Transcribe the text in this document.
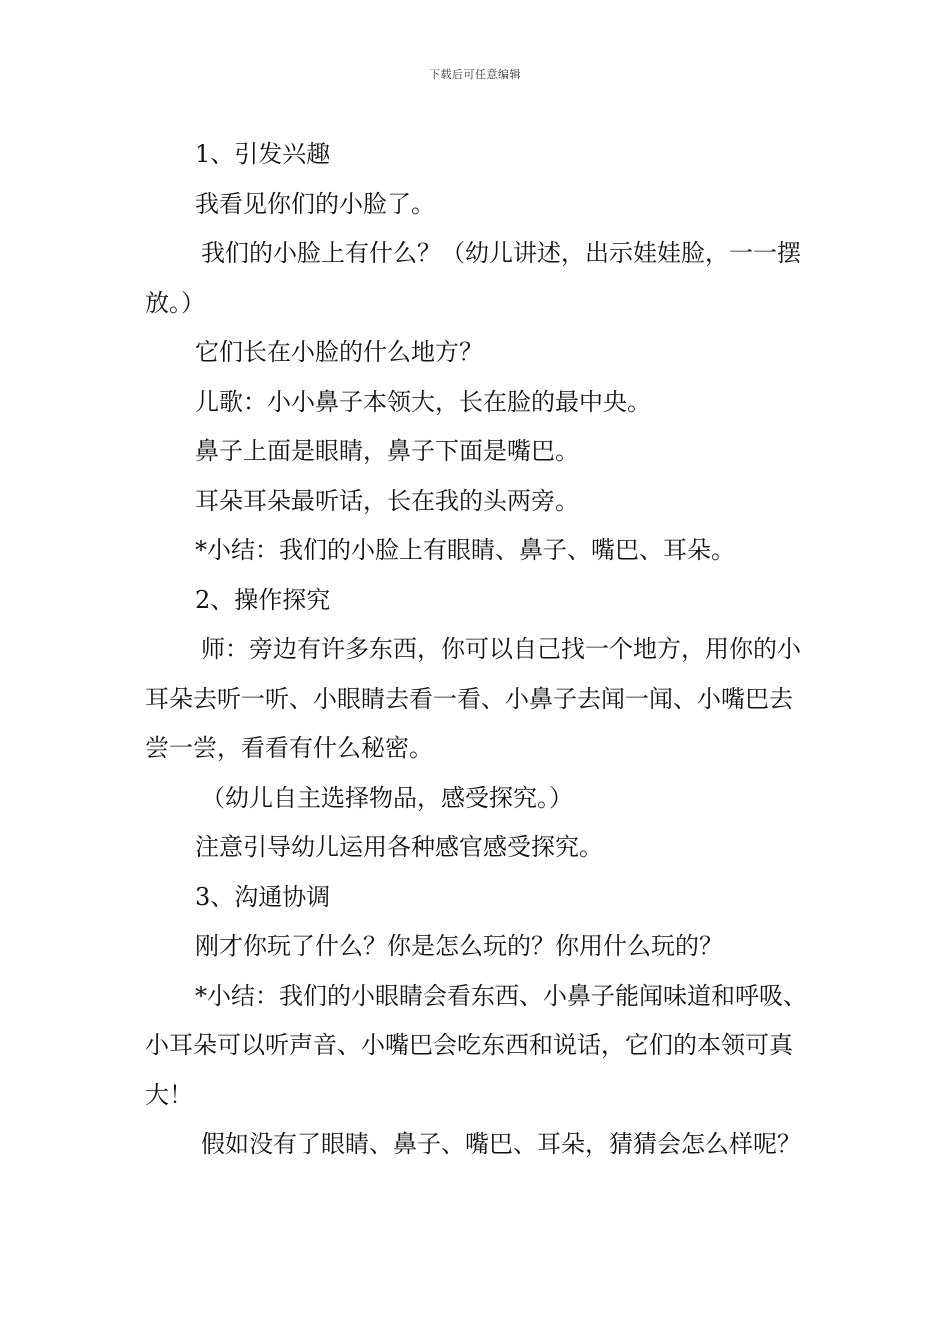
下载后可任意编辑

1、引发兴趣

我看见你们的小脸了。

我们的小脸上有什么？（幼儿讲述，出示娃娃脸，一一摆放。）

它们长在小脸的什么地方？

儿歌：小小鼻子本领大，长在脸的最中央。

鼻子上面是眼睛，鼻子下面是嘴巴。

耳朵耳朵最听话，长在我的头两旁。

*小结：我们的小脸上有眼睛、鼻子、嘴巴、耳朵。

2、操作探究

师：旁边有许多东西，你可以自己找一个地方，用你的小耳朵去听一听、小眼睛去看一看、小鼻子去闻一闻、小嘴巴去尝一尝，看看有什么秘密。

（幼儿自主选择物品，感受探究。）

注意引导幼儿运用各种感官感受探究。

3、沟通协调

刚才你玩了什么？你是怎么玩的？你用什么玩的？

*小结：我们的小眼睛会看东西、小鼻子能闻味道和呼吸、小耳朵可以听声音、小嘴巴会吃东西和说话，它们的本领可真大！

假如没有了眼睛、鼻子、嘴巴、耳朵，猜猜会怎么样呢？
